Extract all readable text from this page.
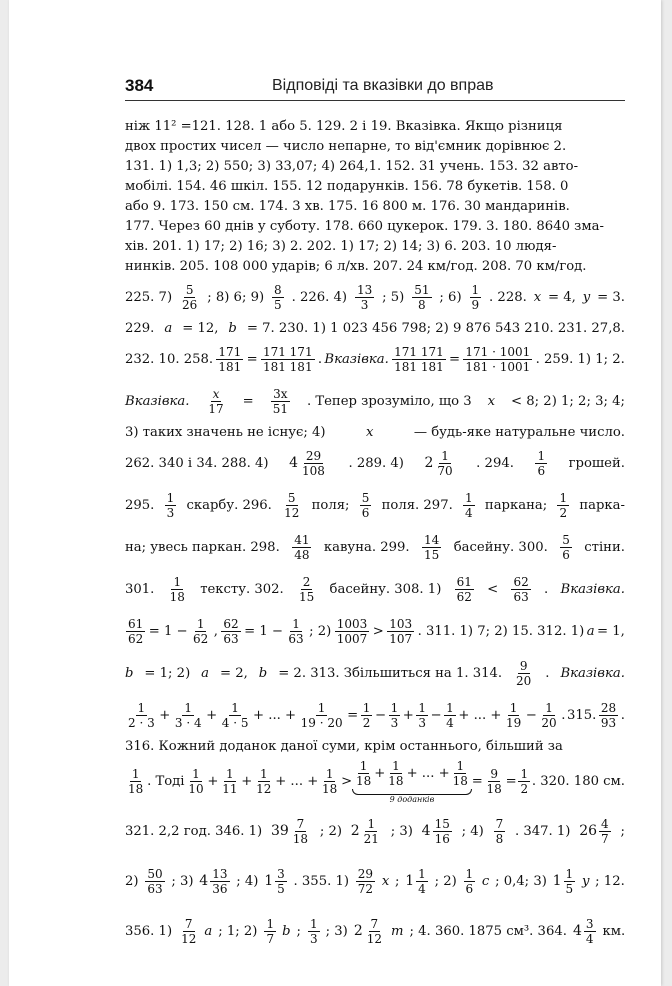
384	Відповіді та вказівки до вправ
ніж 11² =121. 128. 1 або 5. 129. 2 і 19. Вказівка. Якщо різниця
двох простих чисел — число непарне, то від'ємник дорівнює 2.
131. 1) 1,3; 2) 550; 3) 33,07; 4) 264,1. 152. 31 учень. 153. 32 авто-
мобілі. 154. 46 шкіл. 155. 12 подарунків. 156. 78 букетів. 158. 0
або 9. 173. 150 см. 174. 3 хв. 175. 16 800 м. 176. 30 мандаринів.
177. Через 60 днів у суботу. 178. 660 цукерок. 179. 3. 180. 8640 зма-
хів. 201. 1) 17; 2) 16; 3) 2. 202. 1) 17; 2) 14; 3) 6. 203. 10 людя-
нинків. 205. 108 000 ударів; 6 л/хв. 207. 24 км/год. 208. 70 км/год.
225. $7) \frac{5}{26}$ ; 8) 6; $9) \frac{8}{5}$ . 226. $4) \frac{13}{3}$ ; $5) \frac{51}{8}$ ; $6) \frac{1}{9}$ . 228. x = 4, y = 3.
229. a = 12, b = 7. 230. 1) 1 023 456 798; 2) 9 876 543 210. 231. 27,8.
232. 10. 258. $\frac{171}{181} = \frac{171 171}{181 181}$ . Вказівка. $\frac{171 171}{181 181} = \frac{171 \cdot 1001}{181 \cdot 1001}$ . 259. 1) 1; 2.
Вказівка. $\frac{x}{17} = \frac{3x}{51}$ . Тепер зрозуміло, що 3 x < 8; 2) 1; 2; 3; 4;
3) таких значень не існує; 4)	x	— будь-яке натуральне число.
262. 340 і 34. 288. 4) $4 \frac{29}{108}$ . 289. 4) $2 \frac{1}{70}$ . 294. $\frac{1}{6}$ грошей.
295. $\frac{1}{3}$ скарбу. 296. $\frac{5}{12}$ поля; $\frac{5}{6}$ поля. 297. $\frac{1}{4}$ паркана; $\frac{1}{2}$ парка-
на; увесь паркан. 298. $\frac{41}{48}$ кавуна. 299. $\frac{14}{15}$ басейну. 300. $\frac{5}{6}$ стіни.
301. $\frac{1}{18}$ тексту. 302. $\frac{2}{15}$ басейну. 308. $1) \frac{61}{62} < \frac{62}{63}$ . Вказівка.
$\frac{61}{62} = 1 - \frac{1}{62}$ , $\frac{62}{63} = 1 - \frac{1}{63}$ ; $2) \frac{1003}{1007} > \frac{103}{107}$ . 311. 1) 7; 2) 15. 312. 1) a = 1,
b = 1; 2) a = 2, b = 2. 313. Збільшиться на 1. 314. $\frac{9}{20}$ . Вказівка.
$\frac{1}{2 \cdot 3} + \frac{1}{3 \cdot 4} + \frac{1}{4 \cdot 5}$ + ... + $\frac{1}{19 \cdot 20} = \frac{1}{2} - \frac{1}{3} + \frac{1}{3} - \frac{1}{4}$ + ... + $\frac{1}{19} - \frac{1}{20}$ . 315. $\frac{28}{93}$ .
316. Кожний доданок даної суми, крім останнього, більший за
$\frac{1}{18}$ . Тоді $\frac{1}{10} + \frac{1}{11} + \frac{1}{12}$ + ... + $\frac{1}{18} > \frac{1}{18} + \frac{1}{18}$ + ... + $\frac{1}{18}$
9 доданків
= $\frac{9}{18} = \frac{1}{2}$ . 320. 180 см.
321. 2,2 год. 346. 1) $39 \frac{7}{18}$ ; 2) $2 \frac{1}{21}$ ; 3) $4 \frac{15}{16}$ ; $4) \frac{7}{8}$ . 347. 1) $26 \frac{4}{7}$ ;
$2) \frac{50}{63}$ ; 3) $4 \frac{13}{36}$ ; 4) $1 \frac{3}{5}$ . 355. $1) \frac{29}{72}$ x ; $1 \frac{1}{4}$ ; $2) \frac{1}{6}$ c ; 0,4; 3) $1 \frac{1}{5}$ y ; 12.
356. $1) \frac{7}{12}$ a ; 1; $2) \frac{1}{7}$ b ; $\frac{1}{3}$ ; 3) $2 \frac{7}{12}$ m ; 4. 360. 1875 см³. 364. $4 \frac{3}{4}$ км.
